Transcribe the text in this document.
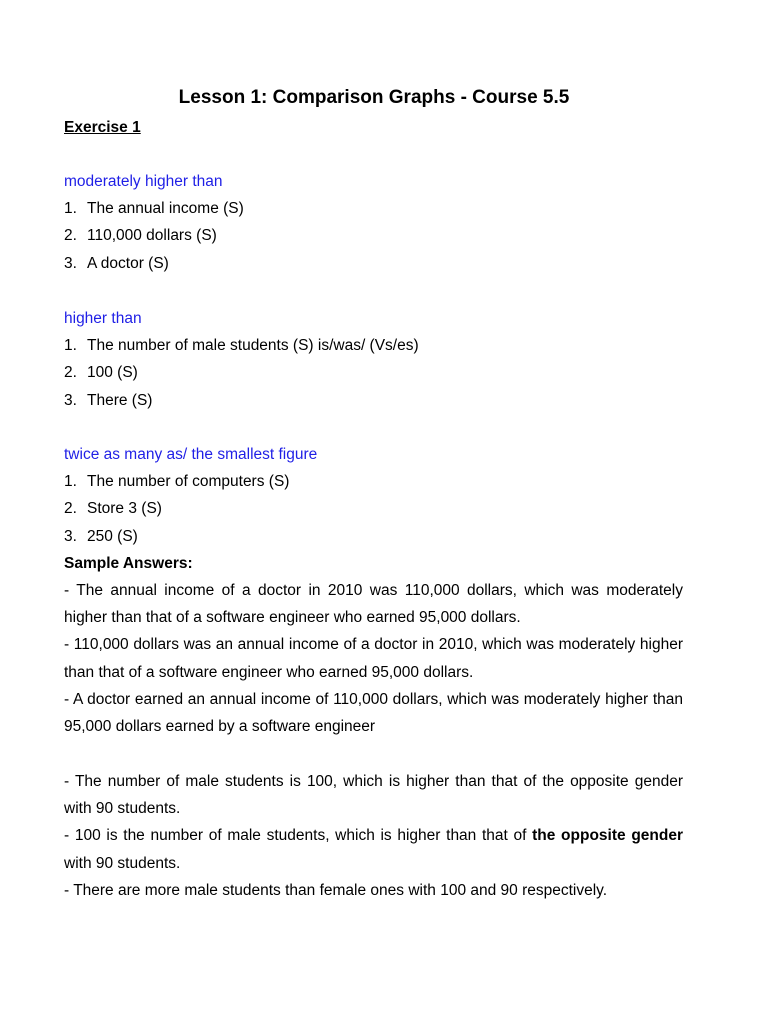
Lesson 1: Comparison Graphs - Course 5.5
Exercise 1

moderately higher than

1. The annual income (S)

2. 110,000 dollars (S)

3. A doctor (S)

higher than

1. The number of male students (S) is/was/ (Vs/es)

2. 100 (S)

3. There (S)

twice as many as/ the smallest figure

1. The number of computers (S)

2. Store 3 (S)

3. 250 (S)

Sample Answers:

- The annual income of a doctor in 2010 was 110,000 dollars, which was moderately higher than that of a software engineer who earned 95,000 dollars.

- 110,000 dollars was an annual income of a doctor in 2010, which was moderately higher than that of a software engineer who earned 95,000 dollars.

- A doctor earned an annual income of 110,000 dollars, which was moderately higher than 95,000 dollars earned by a software engineer

- The number of male students is 100, which is higher than that of the opposite gender with 90 students.

- 100 is the number of male students, which is higher than that of the opposite gender with 90 students.

- There are more male students than female ones with 100 and 90 respectively.
